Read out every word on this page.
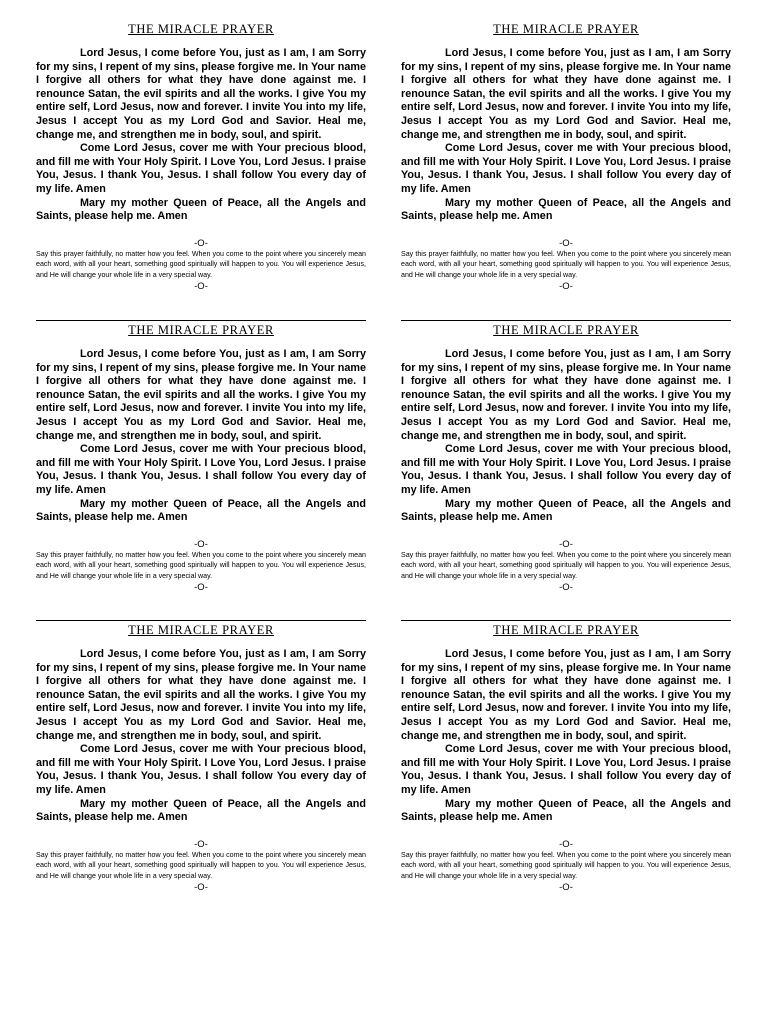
THE MIRACLE PRAYER

Lord Jesus, I come before You, just as I am, I am Sorry for my sins, I repent of my sins, please forgive me. In Your name I forgive all others for what they have done against me. I renounce Satan, the evil spirits and all the works. I give You my entire self, Lord Jesus, now and forever. I invite You into my life, Jesus I accept You as my Lord God and Savior. Heal me, change me, and strengthen me in body, soul, and spirit.

Come Lord Jesus, cover me with Your precious blood, and fill me with Your Holy Spirit. I Love You, Lord Jesus. I praise You, Jesus. I thank You, Jesus. I shall follow You every day of my life. Amen

Mary my mother Queen of Peace, all the Angels and Saints, please help me. Amen

-O-
Say this prayer faithfully, no matter how you feel. When you come to the point where you sincerely mean each word, with all your heart, something good spiritually will happen to you. You will experience Jesus, and He will change your whole life in a very special way.
-O-
THE MIRACLE PRAYER

Lord Jesus, I come before You, just as I am, I am Sorry for my sins, I repent of my sins, please forgive me. In Your name I forgive all others for what they have done against me. I renounce Satan, the evil spirits and all the works. I give You my entire self, Lord Jesus, now and forever. I invite You into my life, Jesus I accept You as my Lord God and Savior. Heal me, change me, and strengthen me in body, soul, and spirit.

Come Lord Jesus, cover me with Your precious blood, and fill me with Your Holy Spirit. I Love You, Lord Jesus. I praise You, Jesus. I thank You, Jesus. I shall follow You every day of my life. Amen

Mary my mother Queen of Peace, all the Angels and Saints, please help me. Amen

-O-
Say this prayer faithfully, no matter how you feel. When you come to the point where you sincerely mean each word, with all your heart, something good spiritually will happen to you. You will experience Jesus, and He will change your whole life in a very special way.
-O-
THE MIRACLE PRAYER

Lord Jesus, I come before You, just as I am, I am Sorry for my sins, I repent of my sins, please forgive me. In Your name I forgive all others for what they have done against me. I renounce Satan, the evil spirits and all the works. I give You my entire self, Lord Jesus, now and forever. I invite You into my life, Jesus I accept You as my Lord God and Savior. Heal me, change me, and strengthen me in body, soul, and spirit.

Come Lord Jesus, cover me with Your precious blood, and fill me with Your Holy Spirit. I Love You, Lord Jesus. I praise You, Jesus. I thank You, Jesus. I shall follow You every day of my life. Amen

Mary my mother Queen of Peace, all the Angels and Saints, please help me. Amen

-O-
Say this prayer faithfully, no matter how you feel. When you come to the point where you sincerely mean each word, with all your heart, something good spiritually will happen to you. You will experience Jesus, and He will change your whole life in a very special way.
-O-
THE MIRACLE PRAYER

Lord Jesus, I come before You, just as I am, I am Sorry for my sins, I repent of my sins, please forgive me. In Your name I forgive all others for what they have done against me. I renounce Satan, the evil spirits and all the works. I give You my entire self, Lord Jesus, now and forever. I invite You into my life, Jesus I accept You as my Lord God and Savior. Heal me, change me, and strengthen me in body, soul, and spirit.

Come Lord Jesus, cover me with Your precious blood, and fill me with Your Holy Spirit. I Love You, Lord Jesus. I praise You, Jesus. I thank You, Jesus. I shall follow You every day of my life. Amen

Mary my mother Queen of Peace, all the Angels and Saints, please help me. Amen

-O-
Say this prayer faithfully, no matter how you feel. When you come to the point where you sincerely mean each word, with all your heart, something good spiritually will happen to you. You will experience Jesus, and He will change your whole life in a very special way.
-O-
THE MIRACLE PRAYER

Lord Jesus, I come before You, just as I am, I am Sorry for my sins, I repent of my sins, please forgive me. In Your name I forgive all others for what they have done against me. I renounce Satan, the evil spirits and all the works. I give You my entire self, Lord Jesus, now and forever. I invite You into my life, Jesus I accept You as my Lord God and Savior. Heal me, change me, and strengthen me in body, soul, and spirit.

Come Lord Jesus, cover me with Your precious blood, and fill me with Your Holy Spirit. I Love You, Lord Jesus. I praise You, Jesus. I thank You, Jesus. I shall follow You every day of my life. Amen

Mary my mother Queen of Peace, all the Angels and Saints, please help me. Amen

-O-
Say this prayer faithfully, no matter how you feel. When you come to the point where you sincerely mean each word, with all your heart, something good spiritually will happen to you. You will experience Jesus, and He will change your whole life in a very special way.
-O-
THE MIRACLE PRAYER

Lord Jesus, I come before You, just as I am, I am Sorry for my sins, I repent of my sins, please forgive me. In Your name I forgive all others for what they have done against me. I renounce Satan, the evil spirits and all the works. I give You my entire self, Lord Jesus, now and forever. I invite You into my life, Jesus I accept You as my Lord God and Savior. Heal me, change me, and strengthen me in body, soul, and spirit.

Come Lord Jesus, cover me with Your precious blood, and fill me with Your Holy Spirit. I Love You, Lord Jesus. I praise You, Jesus. I thank You, Jesus. I shall follow You every day of my life. Amen

Mary my mother Queen of Peace, all the Angels and Saints, please help me. Amen

-O-
Say this prayer faithfully, no matter how you feel. When you come to the point where you sincerely mean each word, with all your heart, something good spiritually will happen to you. You will experience Jesus, and He will change your whole life in a very special way.
-O-
